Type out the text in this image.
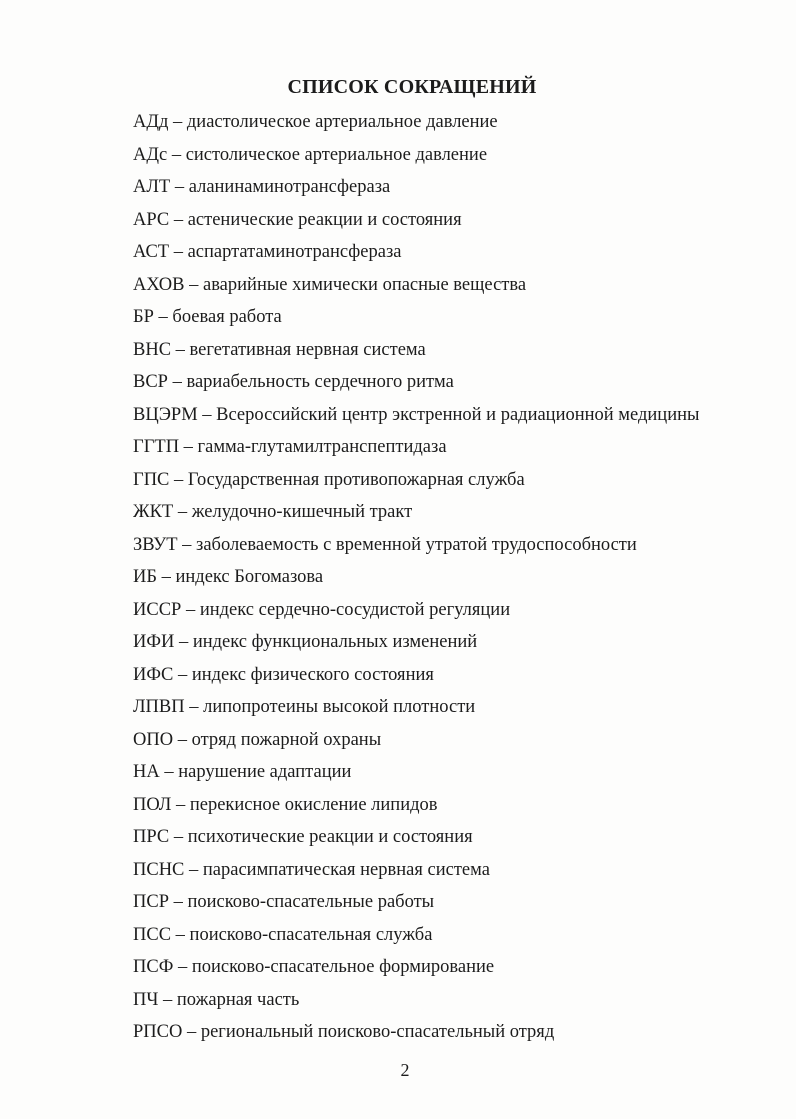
СПИСОК СОКРАЩЕНИЙ
АДд – диастолическое артериальное давление
АДс – систолическое артериальное давление
АЛТ – аланинаминотрансфераза
АРС – астенические реакции и состояния
АСТ – аспартатаминотрансфераза
АХОВ – аварийные химически опасные вещества
БР – боевая работа
ВНС – вегетативная нервная система
ВСР – вариабельность сердечного ритма
ВЦЭРМ – Всероссийский центр экстренной и радиационной медицины
ГГТП – гамма-глутамилтранспептидаза
ГПС – Государственная противопожарная служба
ЖКТ – желудочно-кишечный тракт
ЗВУТ – заболеваемость с временной утратой трудоспособности
ИБ – индекс Богомазова
ИССР – индекс сердечно-сосудистой регуляции
ИФИ – индекс функциональных изменений
ИФС – индекс физического состояния
ЛПВП – липопротеины высокой плотности
ОПО – отряд пожарной охраны
НА – нарушение адаптации
ПОЛ – перекисное окисление липидов
ПРС – психотические реакции и состояния
ПСНС – парасимпатическая нервная система
ПСР – поисково-спасательные работы
ПСС – поисково-спасательная служба
ПСФ – поисково-спасательное формирование
ПЧ – пожарная часть
РПСО – региональный поисково-спасательный отряд
2
